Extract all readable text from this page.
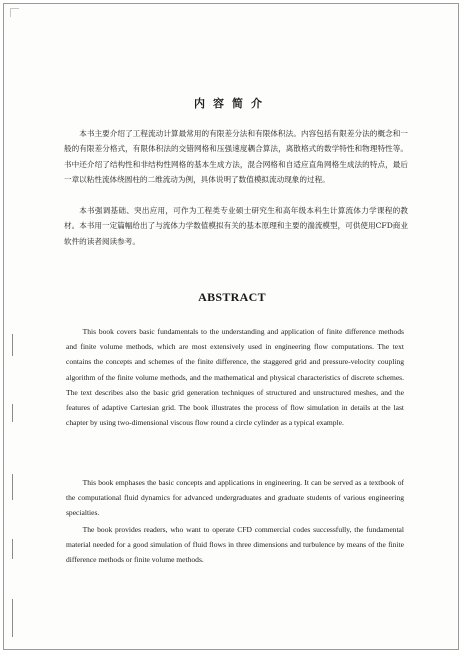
内容简介

本书主要介绍了工程流动计算最常用的有限差分法和有限体积法。内容包括有限差分法的概念和一般的有限差分格式，有限体积法的交错网格和压强速度耦合算法，离散格式的数学特性和物理特性等。书中还介绍了结构性和非结构性网格的基本生成方法，混合网格和自适应直角网格生成法的特点，最后一章以粘性流体绕圆柱的二维流动为例，具体说明了数值模拟流动现象的过程。

本书强调基础、突出应用，可作为工程类专业硕士研究生和高年级本科生计算流体力学课程的教材。本书用一定篇幅给出了与流体力学数值模拟有关的基本原理和主要的湍流模型，可供使用CFD商业软件的读者阅读参考。

ABSTRACT

This book covers basic fundamentals to the understanding and application of finite difference methods and finite volume methods, which are most extensively used in engineering flow computations. The text contains the concepts and schemes of the finite difference, the staggered grid and pressure-velocity coupling algorithm of the finite volume methods, and the mathematical and physical characteristics of discrete schemes. The text describes also the basic grid generation techniques of structured and unstructured meshes, and the features of adaptive Cartesian grid. The book illustrates the process of flow simulation in details at the last chapter by using two-dimensional viscous flow round a circle cylinder as a typical example.

This book emphases the basic concepts and applications in engineering. It can be served as a textbook of the computational fluid dynamics for advanced undergraduates and graduate students of various engineering specialties.

The book provides readers, who want to operate CFD commercial codes successfully, the fundamental material needed for a good simulation of fluid flows in three dimensions and turbulence by means of the finite difference methods or finite volume methods.
